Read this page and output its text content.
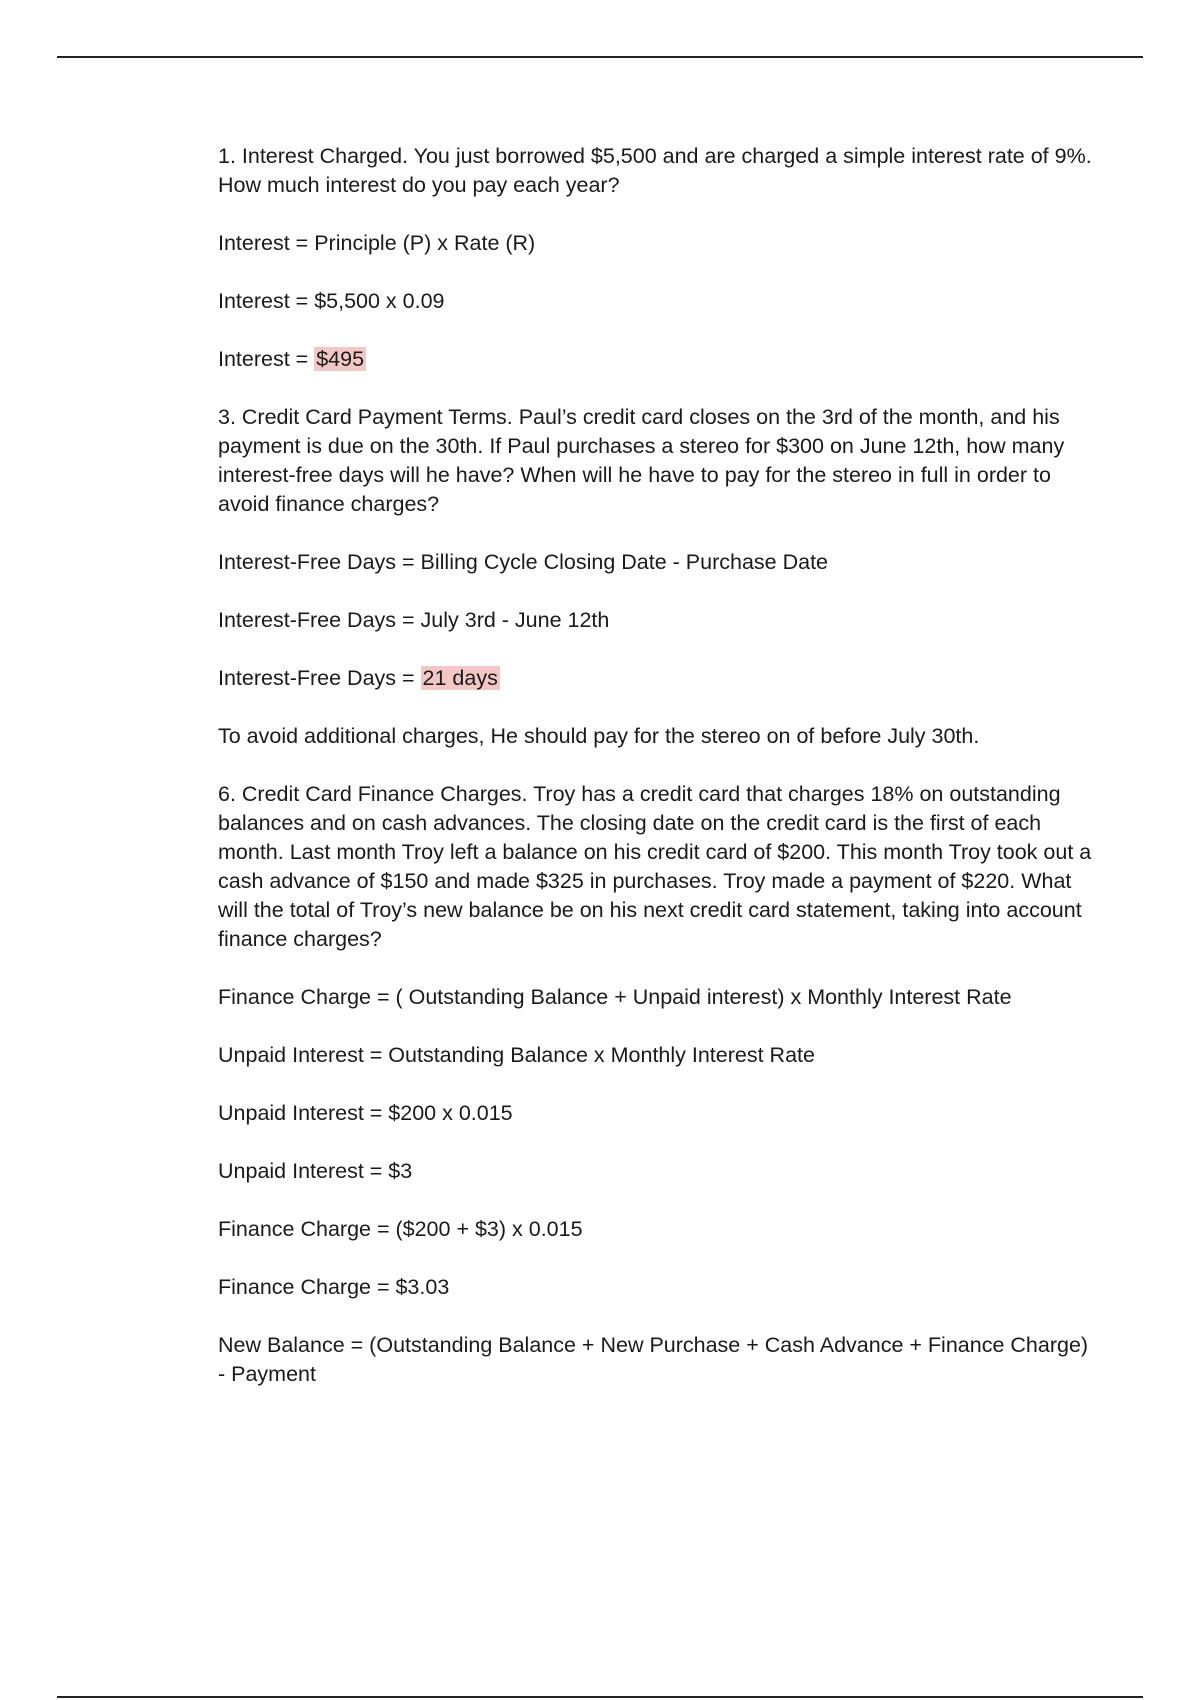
1. Interest Charged. You just borrowed $5,500 and are charged a simple interest rate of 9%. How much interest do you pay each year?

Interest = Principle (P) x Rate (R)

Interest = $5,500 x 0.09

Interest = $495

3. Credit Card Payment Terms. Paul’s credit card closes on the 3rd of the month, and his payment is due on the 30th. If Paul purchases a stereo for $300 on June 12th, how many interest-free days will he have? When will he have to pay for the stereo in full in order to avoid finance charges?

Interest-Free Days = Billing Cycle Closing Date - Purchase Date

Interest-Free Days = July 3rd - June 12th

Interest-Free Days = 21 days

To avoid additional charges, He should pay for the stereo on of before July 30th.

6. Credit Card Finance Charges. Troy has a credit card that charges 18% on outstanding balances and on cash advances. The closing date on the credit card is the first of each month. Last month Troy left a balance on his credit card of $200. This month Troy took out a cash advance of $150 and made $325 in purchases. Troy made a payment of $220. What will the total of Troy’s new balance be on his next credit card statement, taking into account finance charges?

Finance Charge = ( Outstanding Balance + Unpaid interest) x Monthly Interest Rate

Unpaid Interest = Outstanding Balance x Monthly Interest Rate

Unpaid Interest = $200 x 0.015

Unpaid Interest = $3

Finance Charge = ($200 + $3) x 0.015

Finance Charge = $3.03

New Balance = (Outstanding Balance + New Purchase + Cash Advance + Finance Charge) - Payment
